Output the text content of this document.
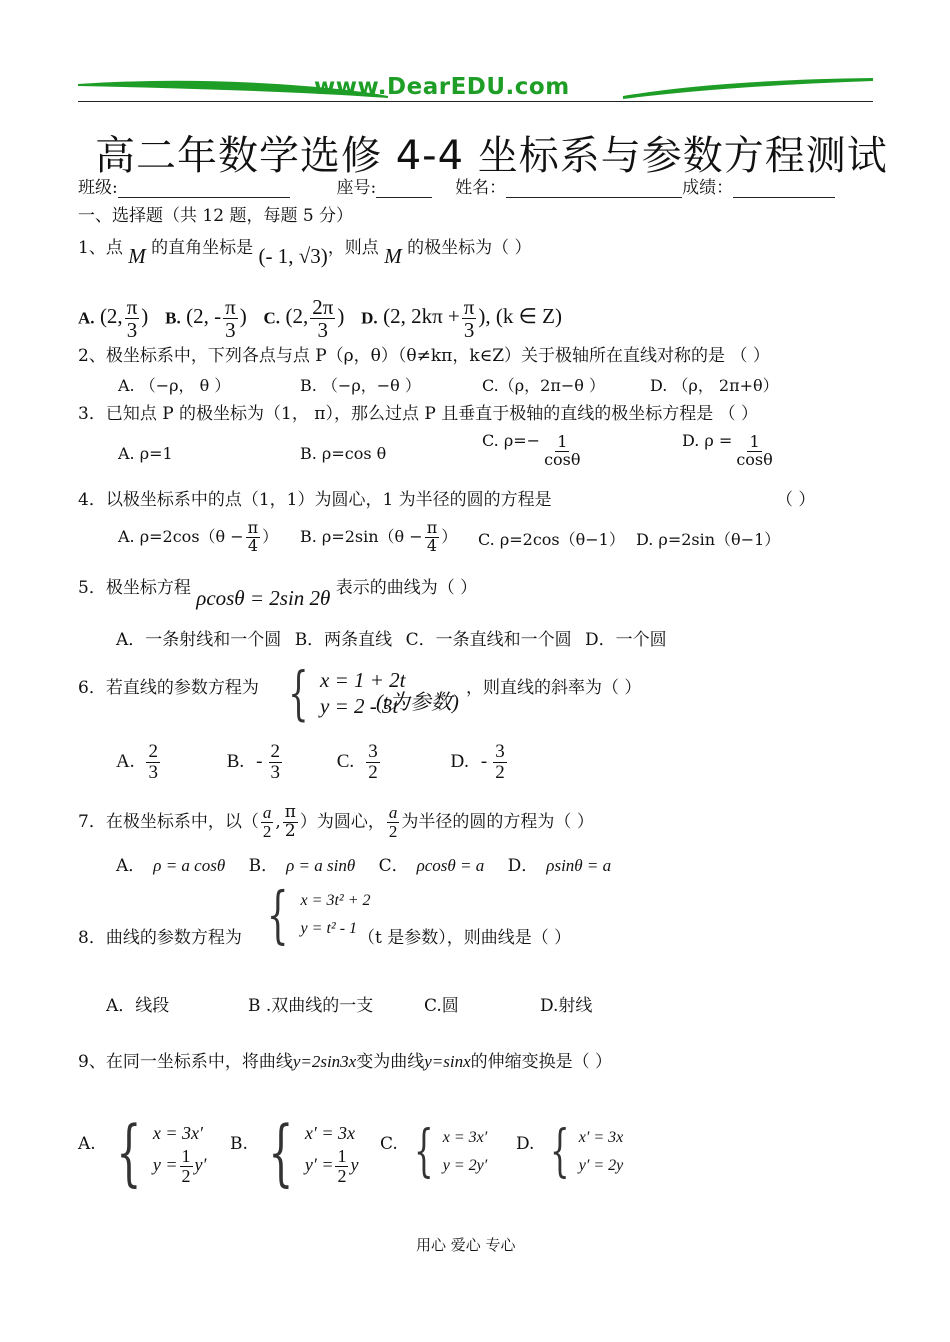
www.DearEDU.com
高二年数学选修 4-4 坐标系与参数方程测试
班级:	座号:	姓名：	成绩：
一、选择题（共 12 题，每题 5 分）
1、点 M 的直角坐标是 (- 1, √3)，则点 M 的极坐标为（ ）
A. (2, $\frac{\pi}{3}$ ) B. (2, - $\frac{\pi}{3}$ ) C. (2, $\frac{2\pi}{3}$ ) D. (2, $2k\pi + \frac{\pi}{3}$ ), (k ∈ Z)
2、极坐标系中，下列各点与点 P（ρ，θ）（θ≠kπ，k∈Z）关于极轴所在直线对称的是 （ ）
A. （−ρ， θ ）	B. （−ρ，−θ ）	C.（ρ，2π−θ ）	D. （ρ， 2π+θ）
3．已知点 P 的极坐标为（1， π），那么过点 P 且垂直于极轴的直线的极坐标方程是 （ ）
A. ρ=1	B. ρ=cos θ
C. $\rho=- \frac{1}{\cos\theta}$	D. $\rho = \frac{1}{\cos\theta}$
4．以极坐标系中的点（1，1）为圆心，1 为半径的圆的方程是	（ ）
A. $\rho=2\cos(\theta - \frac{\pi}{4}$ ） B. $\rho=2\sin(\theta - \frac{\pi}{4}$ ） C. ρ=2cos（θ−1） D. ρ=2sin（θ−1）
5．极坐标方程 ρcosθ = 2sin 2θ 表示的曲线为（ ）
A．一条射线和一个圆 B．两条直线 C．一条直线和一个圆 D．一个圆
6．若直线的参数方程为 { x = 1 + 2t
y = 2 - 3t
(t为参数)
，则直线的斜率为（ ）
A. $\frac{2}{3}$	B. - $\frac{2}{3}$	C. $\frac{3}{2}$	D. - $\frac{3}{2}$
7．在极坐标系中，以（ $\frac{a}{2}$ , $\frac{\pi}{2}$ ）为圆心， $\frac{a}{2}$ 为半径的圆的方程为（ ）
A． ρ = a cosθ B． ρ = a sinθ C． ρcosθ = a D． ρsinθ = a
{ x = 3t² + 2
y = t² - 1
8．曲线的参数方程为	（t 是参数），则曲线是（ ）
A．线段	B .双曲线的一支	C.圆	D.射线
9、在同一坐标系中，将曲线y=2sin3x变为曲线y=sinx的伸缩变换是（ ）
A. { x = 3x′
$y = \frac{1}{2} y'$
B. { x′ = 3x
$y' = \frac{1}{2}$ y
C. { x = 3x′
y = 2y′
D. { x′ = 3x
y′ = 2y
用心 爱心 专心
